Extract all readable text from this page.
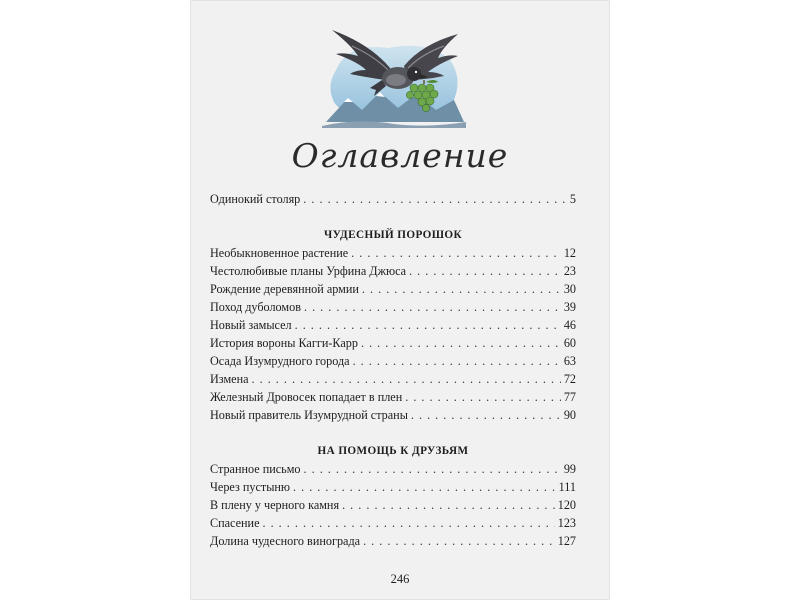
Оглавление
Одинокий столяр . . .	5
ЧУДЕСНЫЙ ПОРОШОК
Необыкновенное растение . . .	12
Честолюбивые планы Урфина Джюса . . .	23
Рождение деревянной армии . . .	30
Поход дуболомов . . .	39
Новый замысел . . .	46
История вороны Кагги-Карр . . .	60
Осада Изумрудного города . . .	63
Измена . . .	72
Железный Дровосек попадает в плен . . .	77
Новый правитель Изумрудной страны . . .	90
НА ПОМОЩЬ К ДРУЗЬЯМ
Странное письмо . . .	99
Через пустыню . . .	111
В плену у черного камня . . .	120
Спасение . . .	123
Долина чудесного винограда . . .	127
246
